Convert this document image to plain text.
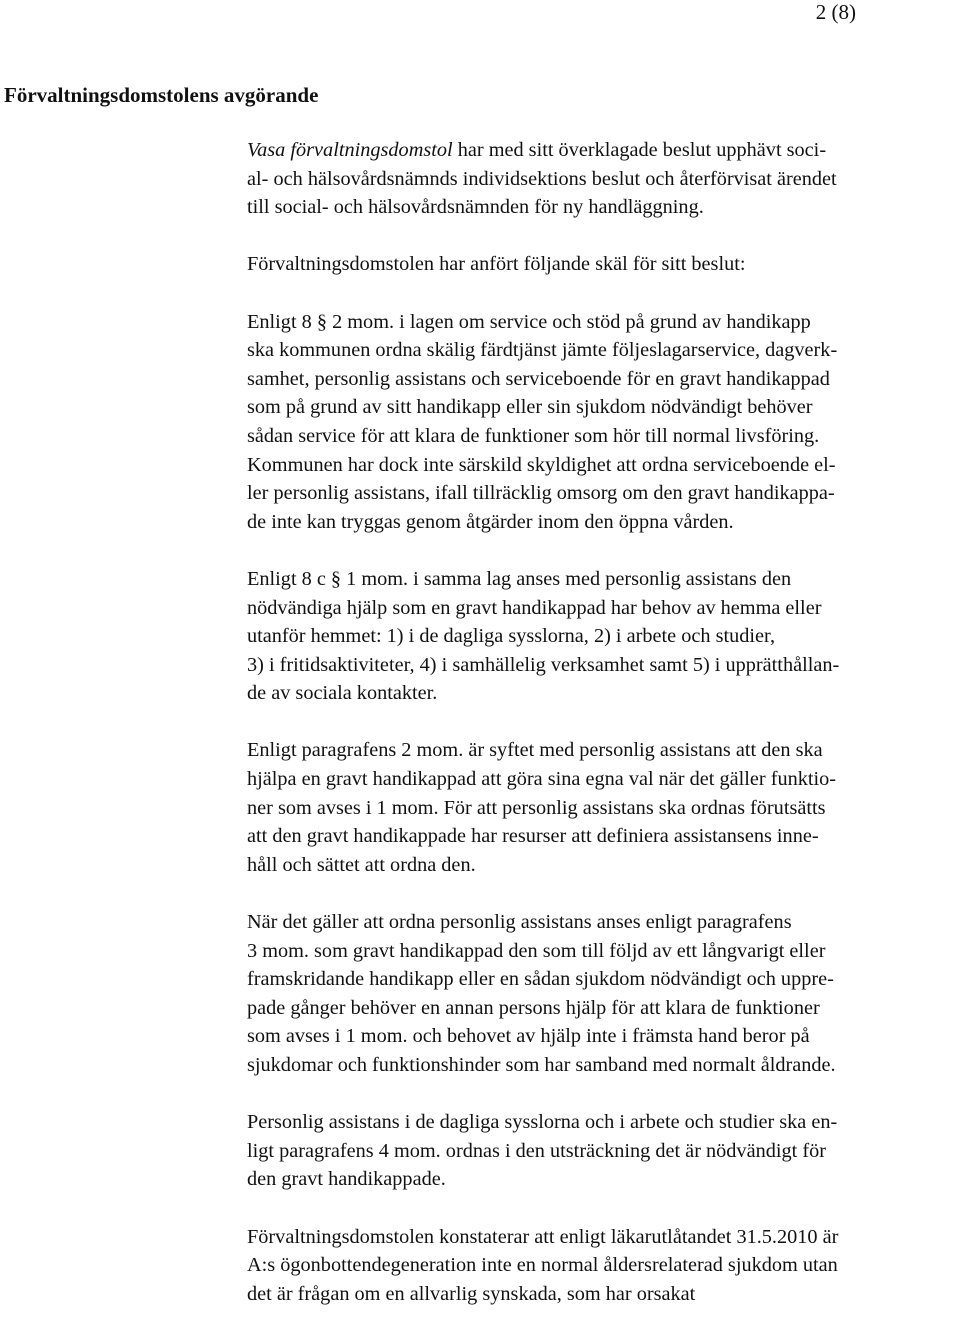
2 (8)
Förvaltningsdomstolens avgörande
Vasa förvaltningsdomstol har med sitt överklagade beslut upphävt soci-
al- och hälsovårdsnämnds individsektions beslut och återförvisat ärendet
till social- och hälsovårdsnämnden för ny handläggning.
Förvaltningsdomstolen har anfört följande skäl för sitt beslut:
Enligt 8 § 2 mom. i lagen om service och stöd på grund av handikapp
ska kommunen ordna skälig färdtjänst jämte följeslagarservice, dagverk-
samhet, personlig assistans och serviceboende för en gravt handikappad
som på grund av sitt handikapp eller sin sjukdom nödvändigt behöver
sådan service för att klara de funktioner som hör till normal livsföring.
Kommunen har dock inte särskild skyldighet att ordna serviceboende el-
ler personlig assistans, ifall tillräcklig omsorg om den gravt handikappa-
de inte kan tryggas genom åtgärder inom den öppna vården.
Enligt 8 c § 1 mom. i samma lag anses med personlig assistans den
nödvändiga hjälp som en gravt handikappad har behov av hemma eller
utanför hemmet: 1) i de dagliga sysslorna, 2) i arbete och studier,
3) i fritidsaktiviteter, 4) i samhällelig verksamhet samt 5) i upprätthållan-
de av sociala kontakter.
Enligt paragrafens 2 mom. är syftet med personlig assistans att den ska
hjälpa en gravt handikappad att göra sina egna val när det gäller funktio-
ner som avses i 1 mom. För att personlig assistans ska ordnas förutsätts
att den gravt handikappade har resurser att definiera assistansens inne-
håll och sättet att ordna den.
När det gäller att ordna personlig assistans anses enligt paragrafens
3 mom. som gravt handikappad den som till följd av ett långvarigt eller
framskridande handikapp eller en sådan sjukdom nödvändigt och uppre-
pade gånger behöver en annan persons hjälp för att klara de funktioner
som avses i 1 mom. och behovet av hjälp inte i främsta hand beror på
sjukdomar och funktionshinder som har samband med normalt åldrande.
Personlig assistans i de dagliga sysslorna och i arbete och studier ska en-
ligt paragrafens 4 mom. ordnas i den utsträckning det är nödvändigt för
den gravt handikappade.
Förvaltningsdomstolen konstaterar att enligt läkarutlåtandet 31.5.2010 är
A:s ögonbottendegeneration inte en normal åldersrelaterad sjukdom utan
det är frågan om en allvarlig synskada, som har orsakat
